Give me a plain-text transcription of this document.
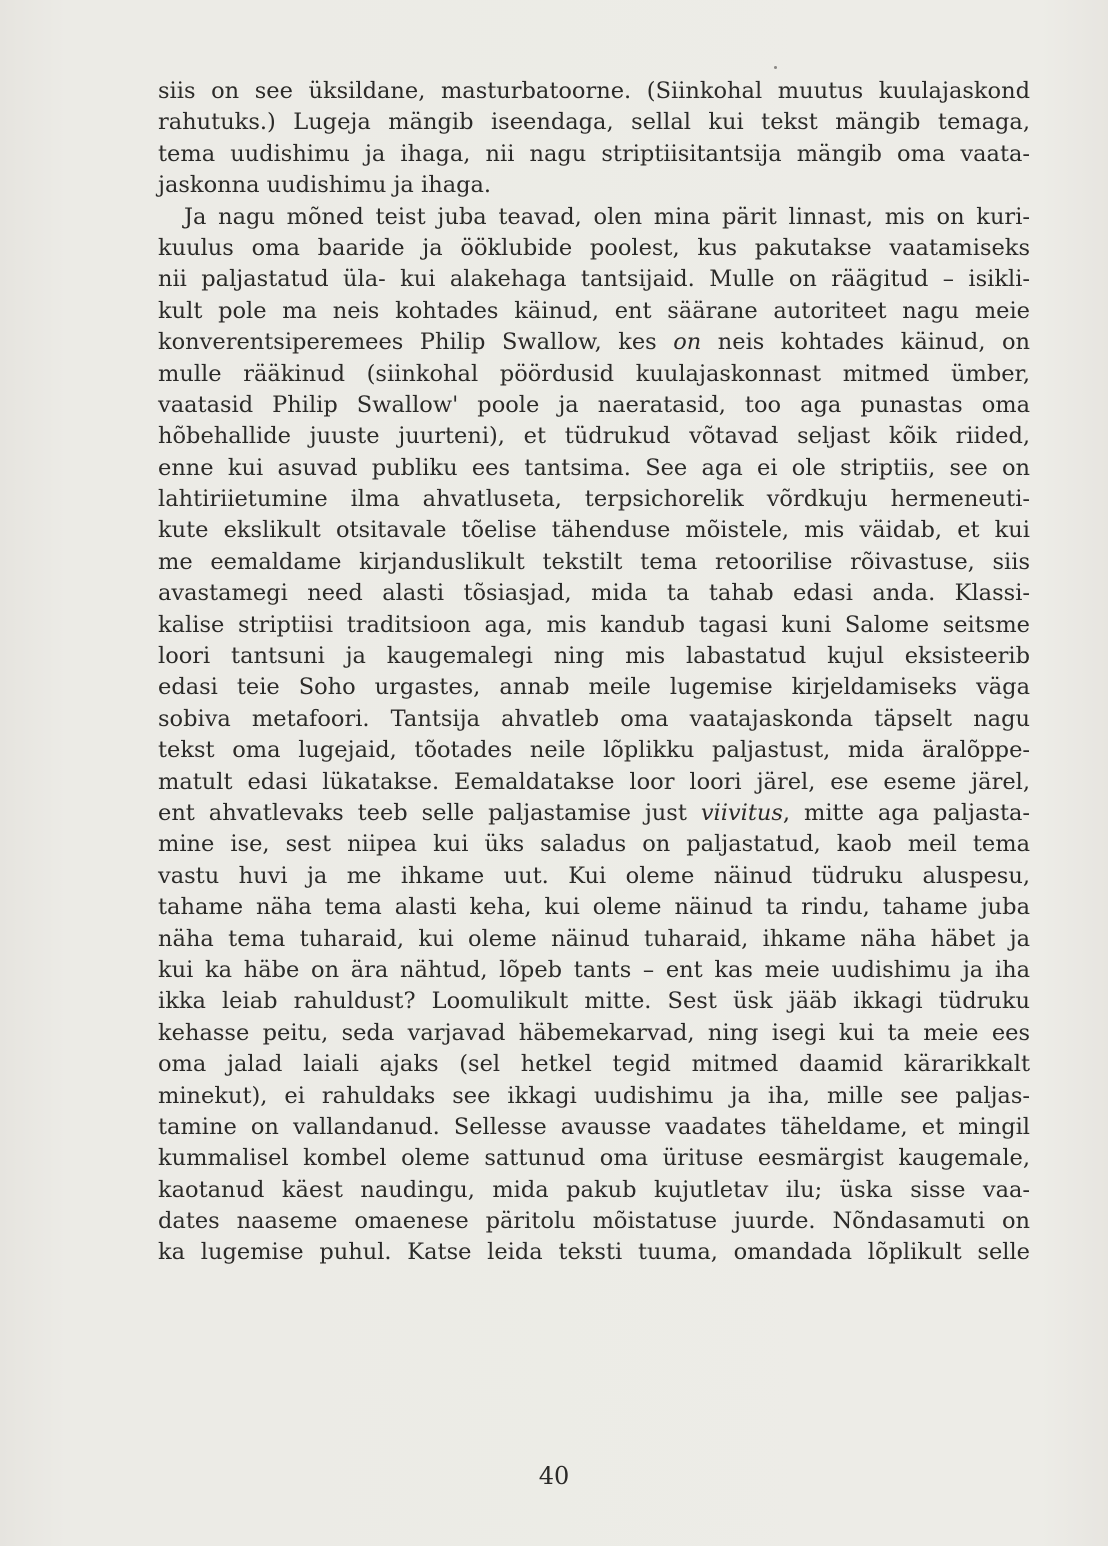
siis on see üksildane, masturbatoorne. (Siinkohal muutus kuulajaskond
rahutuks.) Lugeja mängib iseendaga, sellal kui tekst mängib temaga,
tema uudishimu ja ihaga, nii nagu striptiisitantsija mängib oma vaata-
jaskonna uudishimu ja ihaga.
Ja nagu mõned teist juba teavad, olen mina pärit linnast, mis on kuri-
kuulus oma baaride ja ööklubide poolest, kus pakutakse vaatamiseks
nii paljastatud üla- kui alakehaga tantsijaid. Mulle on räägitud – isikli-
kult pole ma neis kohtades käinud, ent säärane autoriteet nagu meie
konverentsiperemees Philip Swallow, kes on neis kohtades käinud, on
mulle rääkinud (siinkohal pöördusid kuulajaskonnast mitmed ümber,
vaatasid Philip Swallow' poole ja naeratasid, too aga punastas oma
hõbehallide juuste juurteni), et tüdrukud võtavad seljast kõik riided,
enne kui asuvad publiku ees tantsima. See aga ei ole striptiis, see on
lahtiriietumine ilma ahvatluseta, terpsichorelik võrdkuju hermeneuti-
kute ekslikult otsitavale tõelise tähenduse mõistele, mis väidab, et kui
me eemaldame kirjanduslikult tekstilt tema retoorilise rõivastuse, siis
avastamegi need alasti tõsiasjad, mida ta tahab edasi anda. Klassi-
kalise striptiisi traditsioon aga, mis kandub tagasi kuni Salome seitsme
loori tantsuni ja kaugemalegi ning mis labastatud kujul eksisteerib
edasi teie Soho urgastes, annab meile lugemise kirjeldamiseks väga
sobiva metafoori. Tantsija ahvatleb oma vaatajaskonda täpselt nagu
tekst oma lugejaid, tõotades neile lõplikku paljastust, mida äralõppe-
matult edasi lükatakse. Eemaldatakse loor loori järel, ese eseme järel,
ent ahvatlevaks teeb selle paljastamise just viivitus, mitte aga paljasta-
mine ise, sest niipea kui üks saladus on paljastatud, kaob meil tema
vastu huvi ja me ihkame uut. Kui oleme näinud tüdruku aluspesu,
tahame näha tema alasti keha, kui oleme näinud ta rindu, tahame juba
näha tema tuharaid, kui oleme näinud tuharaid, ihkame näha häbet ja
kui ka häbe on ära nähtud, lõpeb tants – ent kas meie uudishimu ja iha
ikka leiab rahuldust? Loomulikult mitte. Sest üsk jääb ikkagi tüdruku
kehasse peitu, seda varjavad häbemekarvad, ning isegi kui ta meie ees
oma jalad laiali ajaks (sel hetkel tegid mitmed daamid kärarikkalt
minekut), ei rahuldaks see ikkagi uudishimu ja iha, mille see paljas-
tamine on vallandanud. Sellesse avausse vaadates täheldame, et mingil
kummalisel kombel oleme sattunud oma ürituse eesmärgist kaugemale,
kaotanud käest naudingu, mida pakub kujutletav ilu; üska sisse vaa-
dates naaseme omaenese päritolu mõistatuse juurde. Nõndasamuti on
ka lugemise puhul. Katse leida teksti tuuma, omandada lõplikult selle
40
